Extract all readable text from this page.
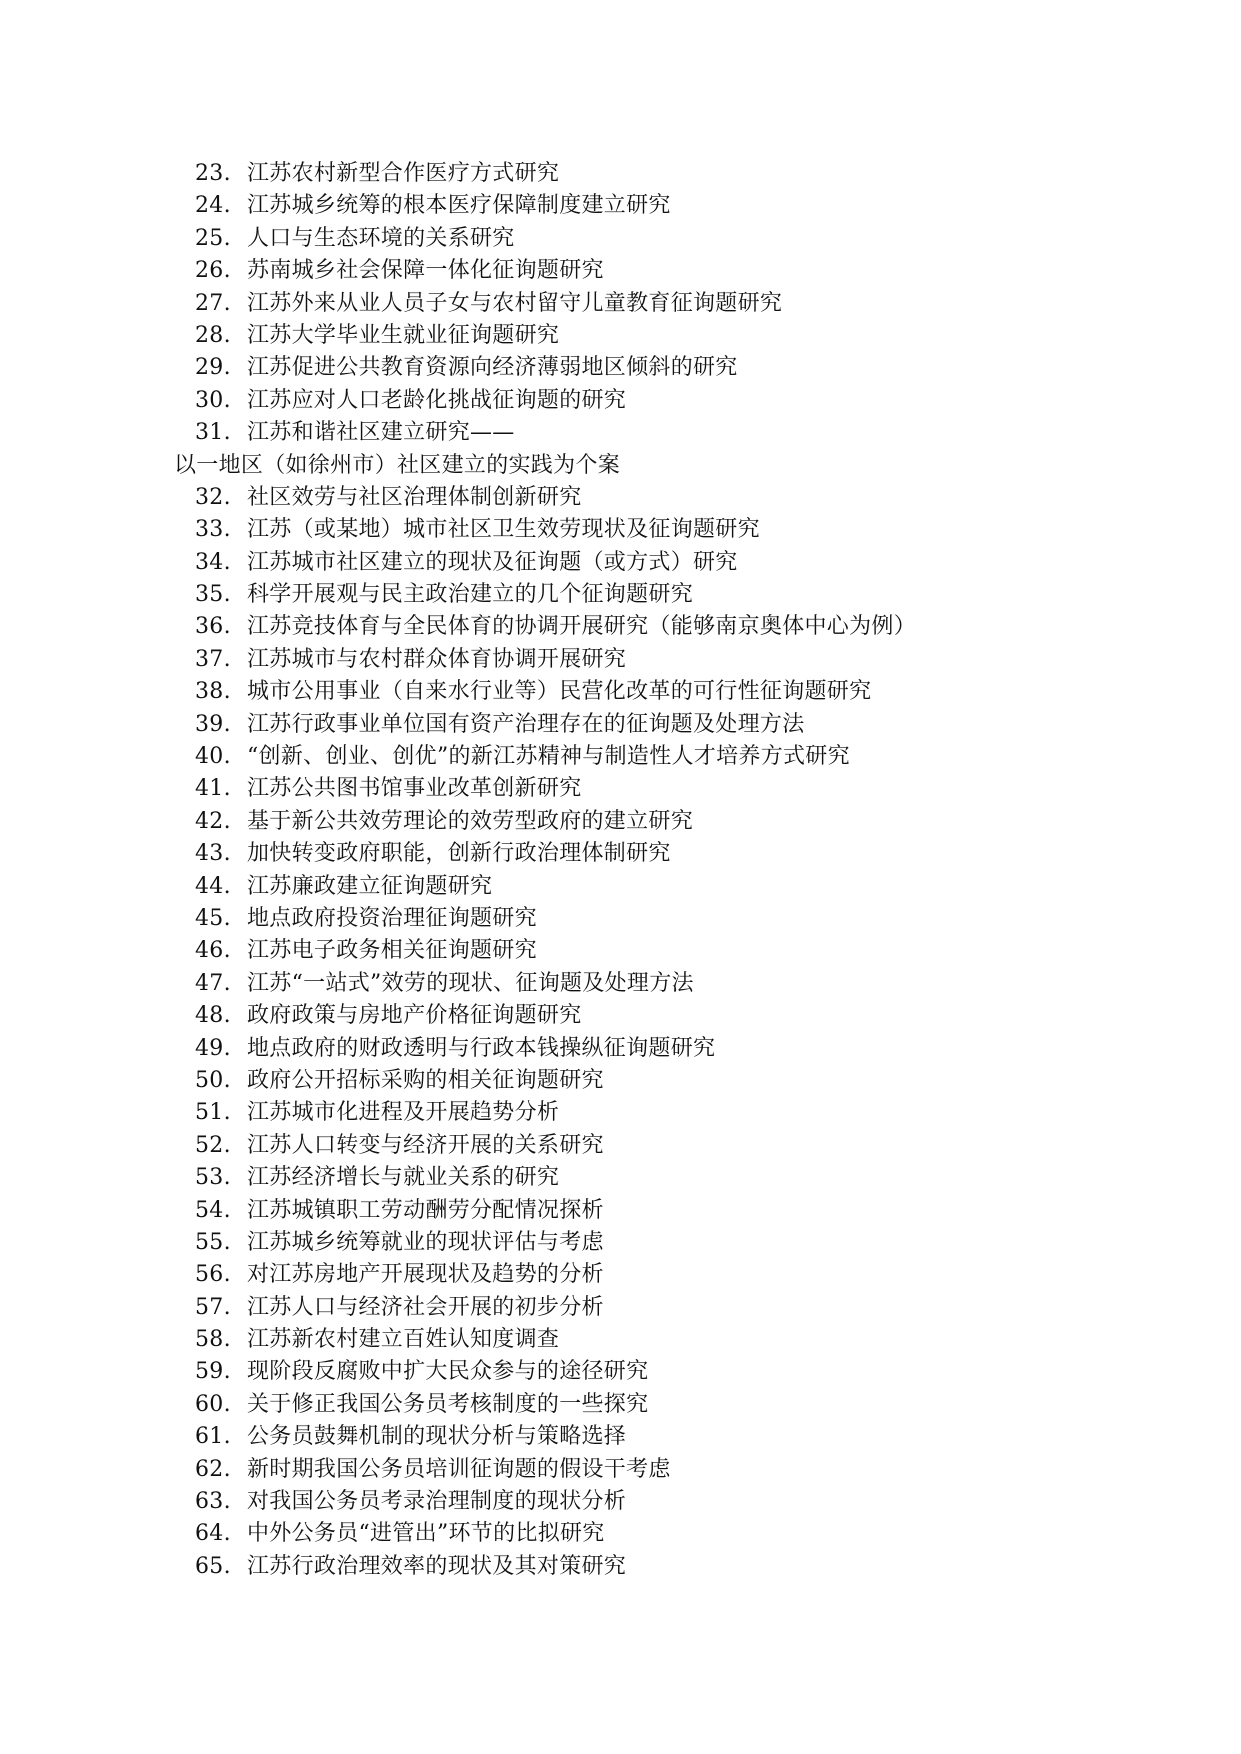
23. 江苏农村新型合作医疗方式研究
24. 江苏城乡统筹的根本医疗保障制度建立研究
25. 人口与生态环境的关系研究
26. 苏南城乡社会保障一体化征询题研究
27. 江苏外来从业人员子女与农村留守儿童教育征询题研究
28. 江苏大学毕业生就业征询题研究
29. 江苏促进公共教育资源向经济薄弱地区倾斜的研究
30. 江苏应对人口老龄化挑战征询题的研究
31. 江苏和谐社区建立研究——
以一地区（如徐州市）社区建立的实践为个案
32. 社区效劳与社区治理体制创新研究
33. 江苏（或某地）城市社区卫生效劳现状及征询题研究
34. 江苏城市社区建立的现状及征询题（或方式）研究
35. 科学开展观与民主政治建立的几个征询题研究
36. 江苏竞技体育与全民体育的协调开展研究（能够南京奥体中心为例）
37. 江苏城市与农村群众体育协调开展研究
38. 城市公用事业（自来水行业等）民营化改革的可行性征询题研究
39. 江苏行政事业单位国有资产治理存在的征询题及处理方法
40. “创新、创业、创优”的新江苏精神与制造性人才培养方式研究
41. 江苏公共图书馆事业改革创新研究
42. 基于新公共效劳理论的效劳型政府的建立研究
43. 加快转变政府职能，创新行政治理体制研究
44. 江苏廉政建立征询题研究
45. 地点政府投资治理征询题研究
46. 江苏电子政务相关征询题研究
47. 江苏“一站式”效劳的现状、征询题及处理方法
48. 政府政策与房地产价格征询题研究
49. 地点政府的财政透明与行政本钱操纵征询题研究
50. 政府公开招标采购的相关征询题研究
51. 江苏城市化进程及开展趋势分析
52. 江苏人口转变与经济开展的关系研究
53. 江苏经济增长与就业关系的研究
54. 江苏城镇职工劳动酬劳分配情况探析
55. 江苏城乡统筹就业的现状评估与考虑
56. 对江苏房地产开展现状及趋势的分析
57. 江苏人口与经济社会开展的初步分析
58. 江苏新农村建立百姓认知度调查
59. 现阶段反腐败中扩大民众参与的途径研究
60. 关于修正我国公务员考核制度的一些探究
61. 公务员鼓舞机制的现状分析与策略选择
62. 新时期我国公务员培训征询题的假设干考虑
63. 对我国公务员考录治理制度的现状分析
64. 中外公务员“进管出”环节的比拟研究
65. 江苏行政治理效率的现状及其对策研究
